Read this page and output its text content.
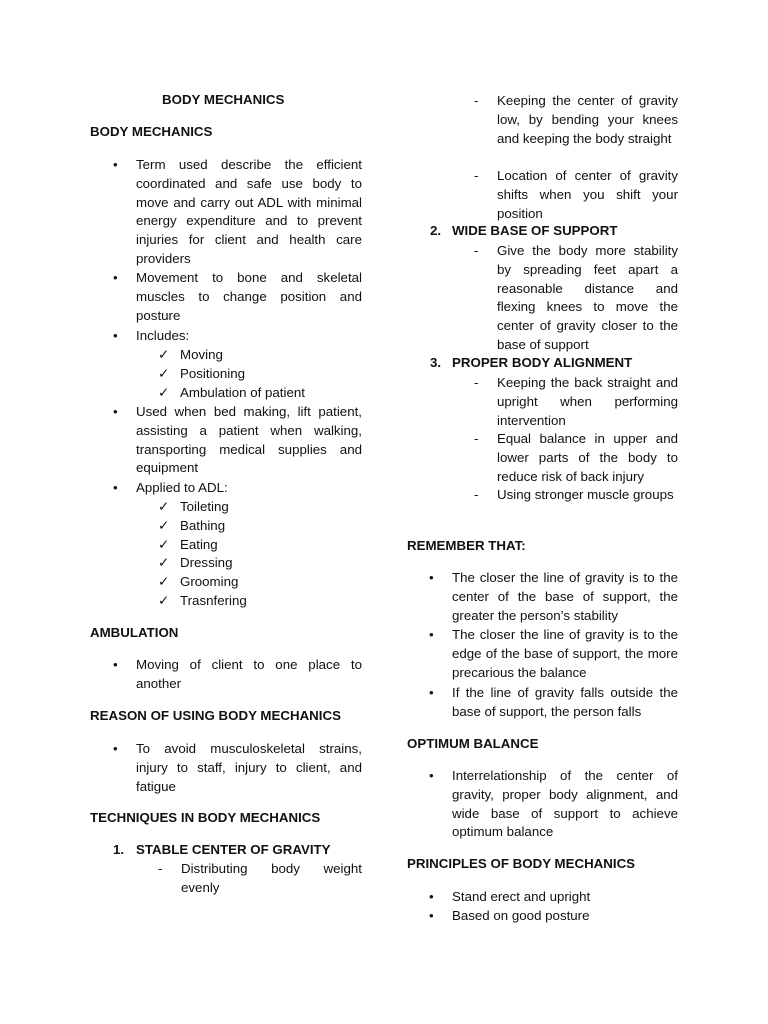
BODY MECHANICS
BODY MECHANICS
• Term used describe the efficient coordinated and safe use body to move and carry out ADL with minimal energy expenditure and to prevent injuries for client and health care providers
• Movement to bone and skeletal muscles to change position and posture
• Includes:
✓ Moving
✓ Positioning
✓ Ambulation of patient
• Used when bed making, lift patient, assisting a patient when walking, transporting medical supplies and equipment
• Applied to ADL:
✓ Toileting
✓ Bathing
✓ Eating
✓ Dressing
✓ Grooming
✓ Trasnfering
AMBULATION
• Moving of client to one place to another
REASON OF USING BODY MECHANICS
• To avoid musculoskeletal strains, injury to staff, injury to client, and fatigue
TECHNIQUES IN BODY MECHANICS
1. STABLE CENTER OF GRAVITY
- Distributing body weight evenly
- Keeping the center of gravity low, by bending your knees and keeping the body straight
- Location of center of gravity shifts when you shift your position
2. WIDE BASE OF SUPPORT
- Give the body more stability by spreading feet apart a reasonable distance and flexing knees to move the center of gravity closer to the base of support
3. PROPER BODY ALIGNMENT
- Keeping the back straight and upright when performing intervention
- Equal balance in upper and lower parts of the body to reduce risk of back injury
- Using stronger muscle groups
REMEMBER THAT:
• The closer the line of gravity is to the center of the base of support, the greater the person’s stability
• The closer the line of gravity is to the edge of the base of support, the more precarious the balance
• If the line of gravity falls outside the base of support, the person falls
OPTIMUM BALANCE
• Interrelationship of the center of gravity, proper body alignment, and wide base of support to achieve optimum balance
PRINCIPLES OF BODY MECHANICS
• Stand erect and upright
• Based on good posture
